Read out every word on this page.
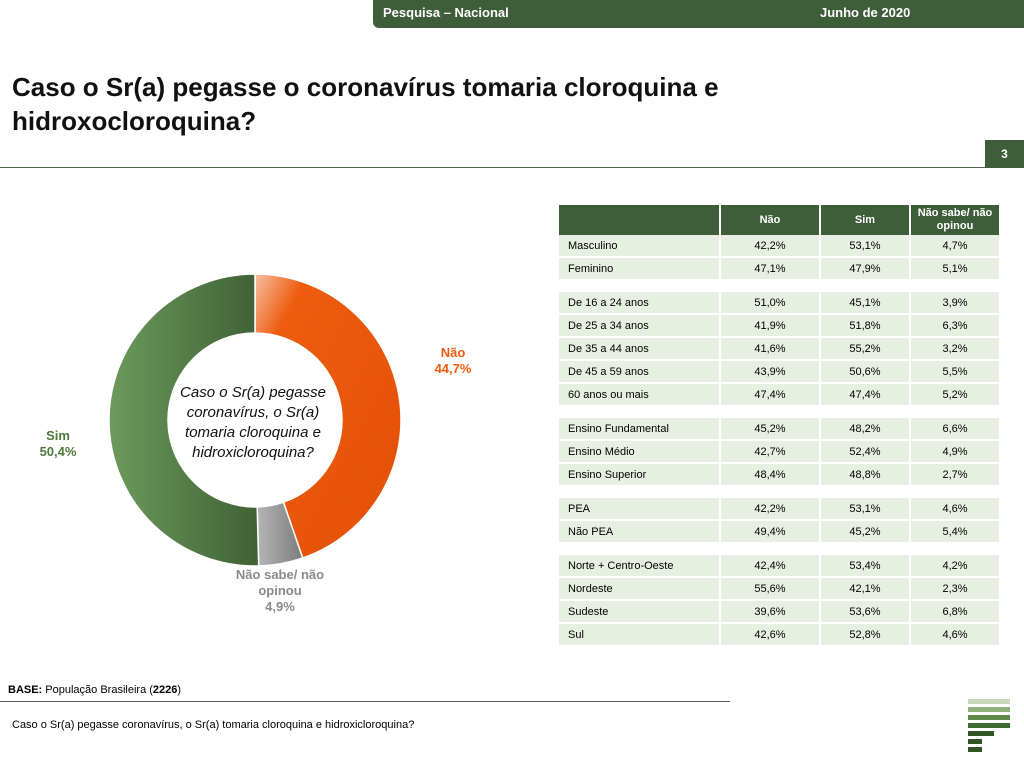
Pesquisa – Nacional	Junho de 2020
Caso o Sr(a) pegasse o coronavírus tomaria cloroquina e hidroxocloroquina?
3
Caso o Sr(a) pegasse coronavírus, o Sr(a) tomaria cloroquina e hidroxicloroquina?
Não
44,7%
Sim
50,4%
Não sabe/ não opinou
4,9%
	Não	Sim	Não sabe/ não opinou
Masculino	42,2%	53,1%	4,7%
Feminino	47,1%	47,9%	5,1%

De 16 a 24 anos	51,0%	45,1%	3,9%
De 25 a 34 anos	41,9%	51,8%	6,3%
De 35 a 44 anos	41,6%	55,2%	3,2%
De 45 a 59 anos	43,9%	50,6%	5,5%
60 anos ou mais	47,4%	47,4%	5,2%

Ensino Fundamental	45,2%	48,2%	6,6%
Ensino Médio	42,7%	52,4%	4,9%
Ensino Superior	48,4%	48,8%	2,7%

PEA	42,2%	53,1%	4,6%
Não PEA	49,4%	45,2%	5,4%

Norte + Centro-Oeste	42,4%	53,4%	4,2%
Nordeste	55,6%	42,1%	2,3%
Sudeste	39,6%	53,6%	6,8%
Sul	42,6%	52,8%	4,6%
BASE: População Brasileira (2226)
Caso o Sr(a) pegasse coronavírus, o Sr(a) tomaria cloroquina e hidroxicloroquina?
